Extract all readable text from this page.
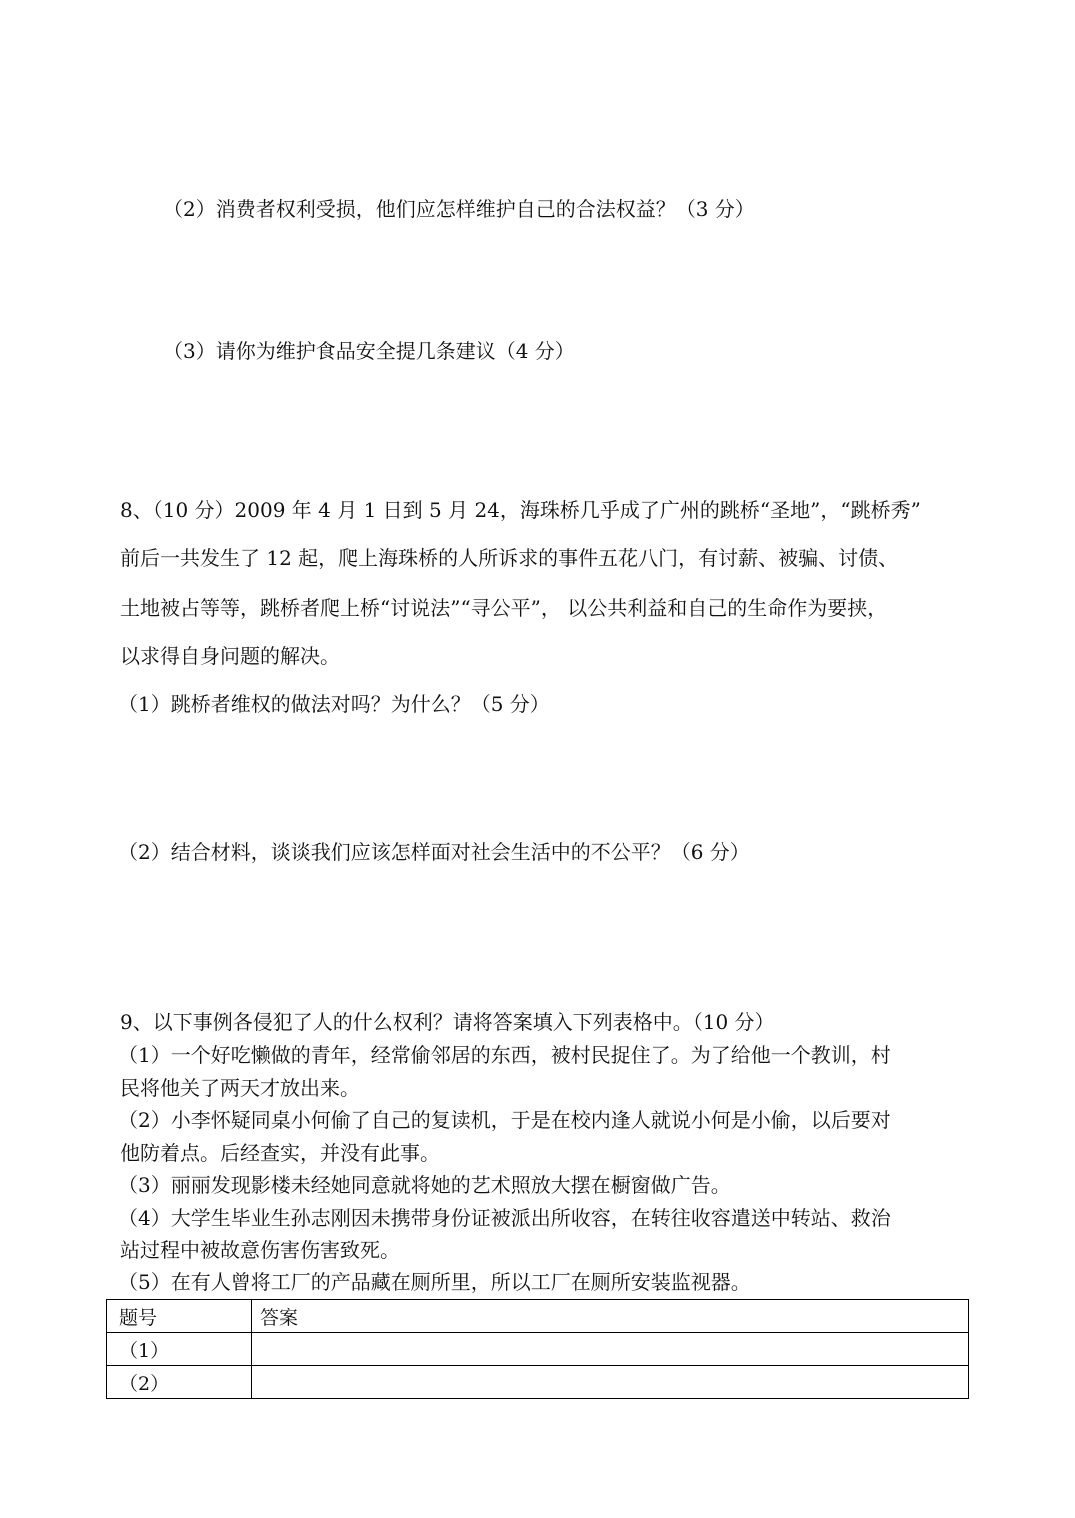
（2）消费者权利受损，他们应怎样维护自己的合法权益？（3 分）
（3）请你为维护食品安全提几条建议（4 分）
8、（10 分）2009 年 4 月 1 日到 5 月 24，海珠桥几乎成了广州的跳桥“圣地”，“跳桥秀”
前后一共发生了 12 起，爬上海珠桥的人所诉求的事件五花八门，有讨薪、被骗、讨债、
土地被占等等，跳桥者爬上桥“讨说法”“寻公平”， 以公共利益和自己的生命作为要挟，
以求得自身问题的解决。
（1）跳桥者维权的做法对吗？为什么？（5 分）
（2）结合材料，谈谈我们应该怎样面对社会生活中的不公平？（6 分）
9、以下事例各侵犯了人的什么权利？请将答案填入下列表格中。（10 分）
（1）一个好吃懒做的青年，经常偷邻居的东西，被村民捉住了。为了给他一个教训，村
民将他关了两天才放出来。
（2）小李怀疑同桌小何偷了自己的复读机，于是在校内逢人就说小何是小偷，以后要对
他防着点。后经查实，并没有此事。
（3）丽丽发现影楼未经她同意就将她的艺术照放大摆在橱窗做广告。
（4）大学生毕业生孙志刚因未携带身份证被派出所收容，在转往收容遣送中转站、救治
站过程中被故意伤害伤害致死。
（5）在有人曾将工厂的产品藏在厕所里，所以工厂在厕所安装监视器。
题号	答案
（1）	
（2）	
